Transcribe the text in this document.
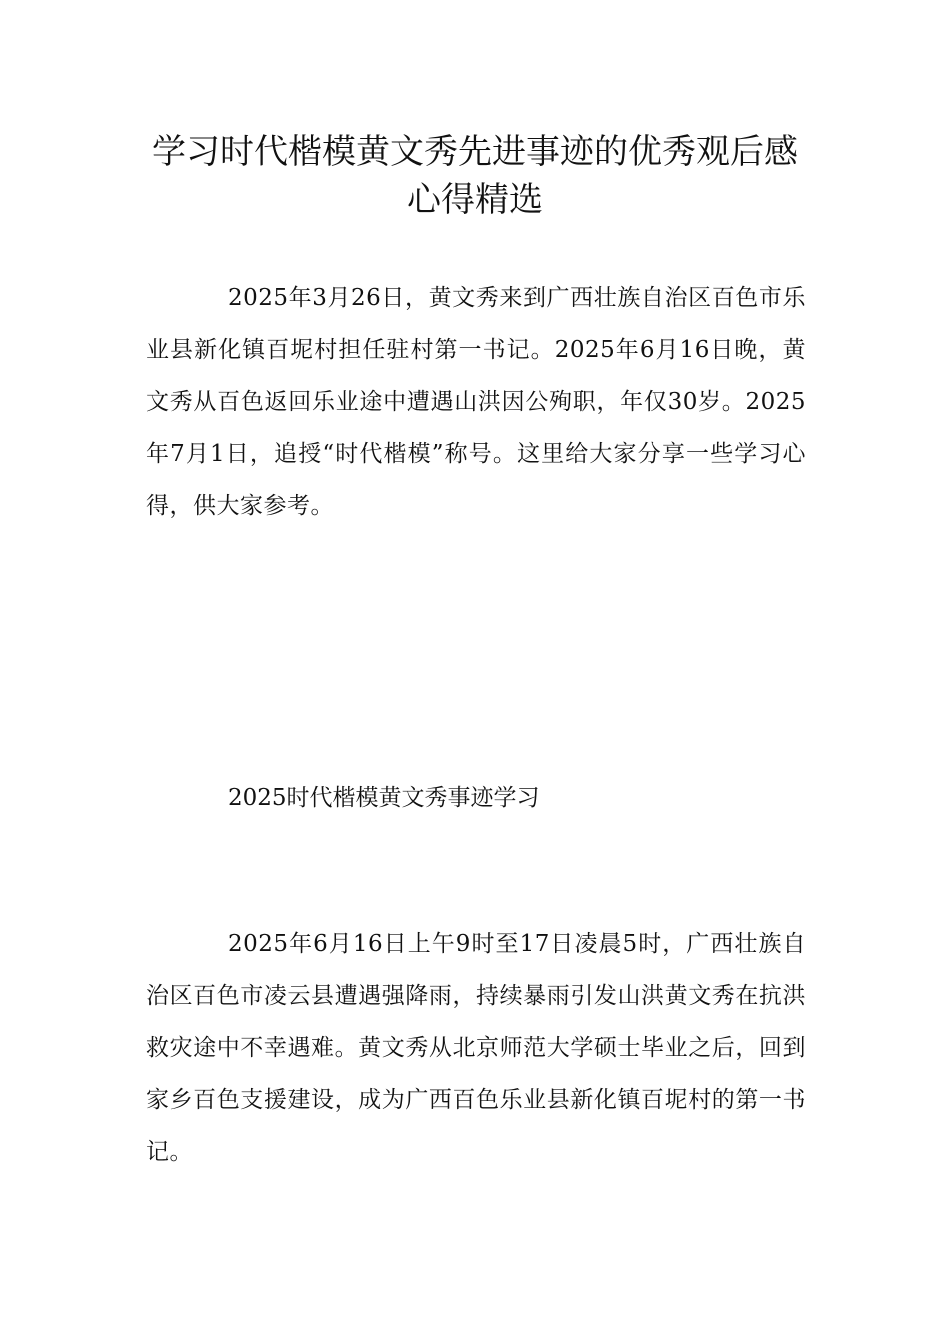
学习时代楷模黄文秀先进事迹的优秀观后感心得精选

2025年3月26日，黄文秀来到广西壮族自治区百色市乐业县新化镇百坭村担任驻村第一书记。2025年6月16日晚，黄文秀从百色返回乐业途中遭遇山洪因公殉职，年仅30岁。2025年7月1日，追授“时代楷模”称号。这里给大家分享一些学习心得，供大家参考。

2025时代楷模黄文秀事迹学习

2025年6月16日上午9时至17日凌晨5时，广西壮族自治区百色市凌云县遭遇强降雨，持续暴雨引发山洪黄文秀在抗洪救灾途中不幸遇难。黄文秀从北京师范大学硕士毕业之后，回到家乡百色支援建设，成为广西百色乐业县新化镇百坭村的第一书记。
